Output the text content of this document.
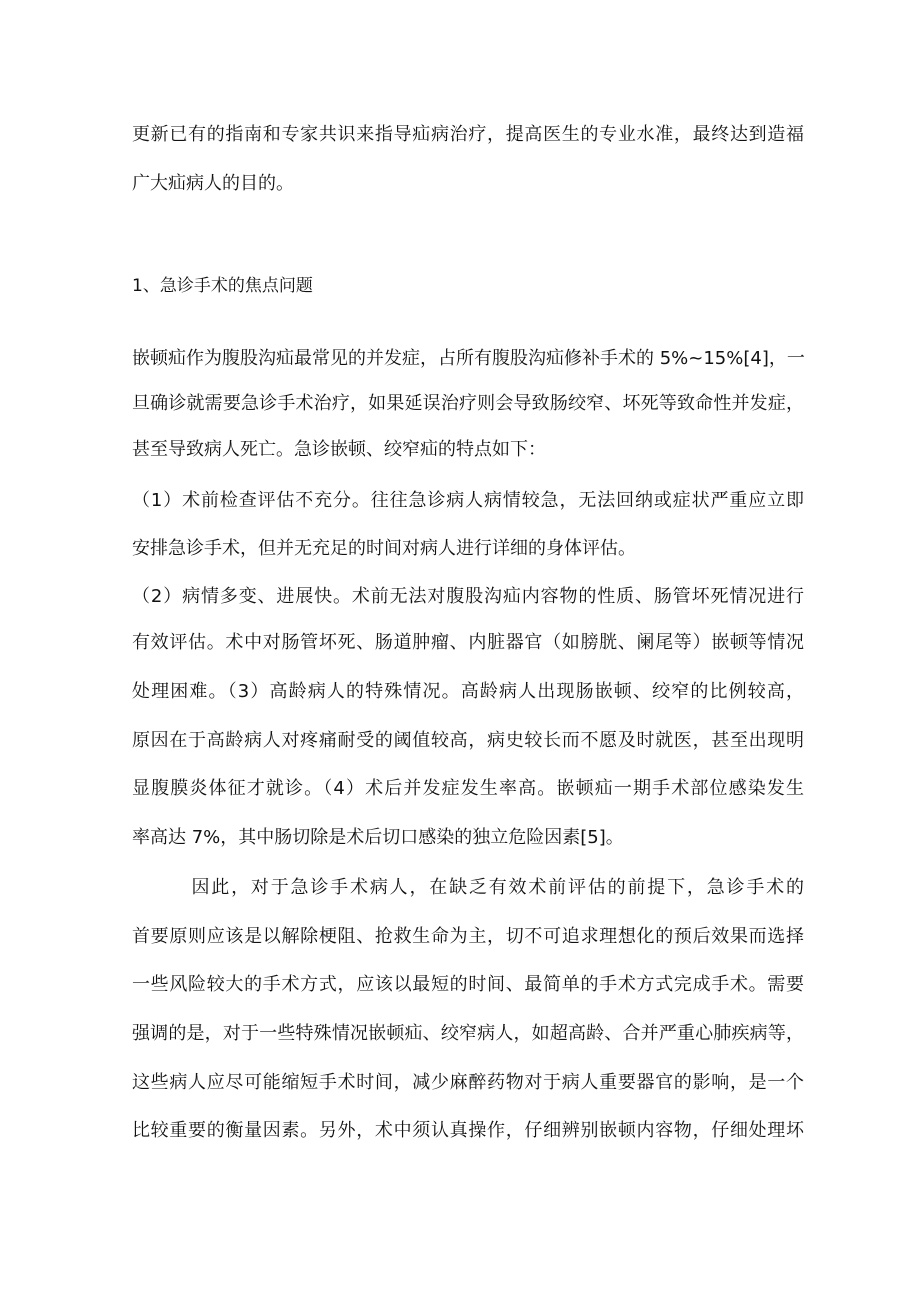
更新已有的指南和专家共识来指导疝病治疗，提高医生的专业水准，最终达到造福

广大疝病人的目的。

1、急诊手术的焦点问题

嵌顿疝作为腹股沟疝最常见的并发症，占所有腹股沟疝修补手术的 5%~15%[4]，一

旦确诊就需要急诊手术治疗，如果延误治疗则会导致肠绞窄、坏死等致命性并发症，

甚至导致病人死亡。急诊嵌顿、绞窄疝的特点如下：

（1）术前检查评估不充分。往往急诊病人病情较急，无法回纳或症状严重应立即

安排急诊手术，但并无充足的时间对病人进行详细的身体评估。

（2）病情多变、进展快。术前无法对腹股沟疝内容物的性质、肠管坏死情况进行

有效评估。术中对肠管坏死、肠道肿瘤、内脏器官（如膀胱、阑尾等）嵌顿等情况

处理困难。（3）高龄病人的特殊情况。高龄病人出现肠嵌顿、绞窄的比例较高，

原因在于高龄病人对疼痛耐受的阈值较高，病史较长而不愿及时就医，甚至出现明

显腹膜炎体征才就诊。（4）术后并发症发生率高。嵌顿疝一期手术部位感染发生

率高达 7%，其中肠切除是术后切口感染的独立危险因素[5]。

　　　因此，对于急诊手术病人，在缺乏有效术前评估的前提下，急诊手术的

首要原则应该是以解除梗阻、抢救生命为主，切不可追求理想化的预后效果而选择

一些风险较大的手术方式，应该以最短的时间、最简单的手术方式完成手术。需要

强调的是，对于一些特殊情况嵌顿疝、绞窄病人，如超高龄、合并严重心肺疾病等，

这些病人应尽可能缩短手术时间，减少麻醉药物对于病人重要器官的影响，是一个

比较重要的衡量因素。另外，术中须认真操作，仔细辨别嵌顿内容物，仔细处理坏
